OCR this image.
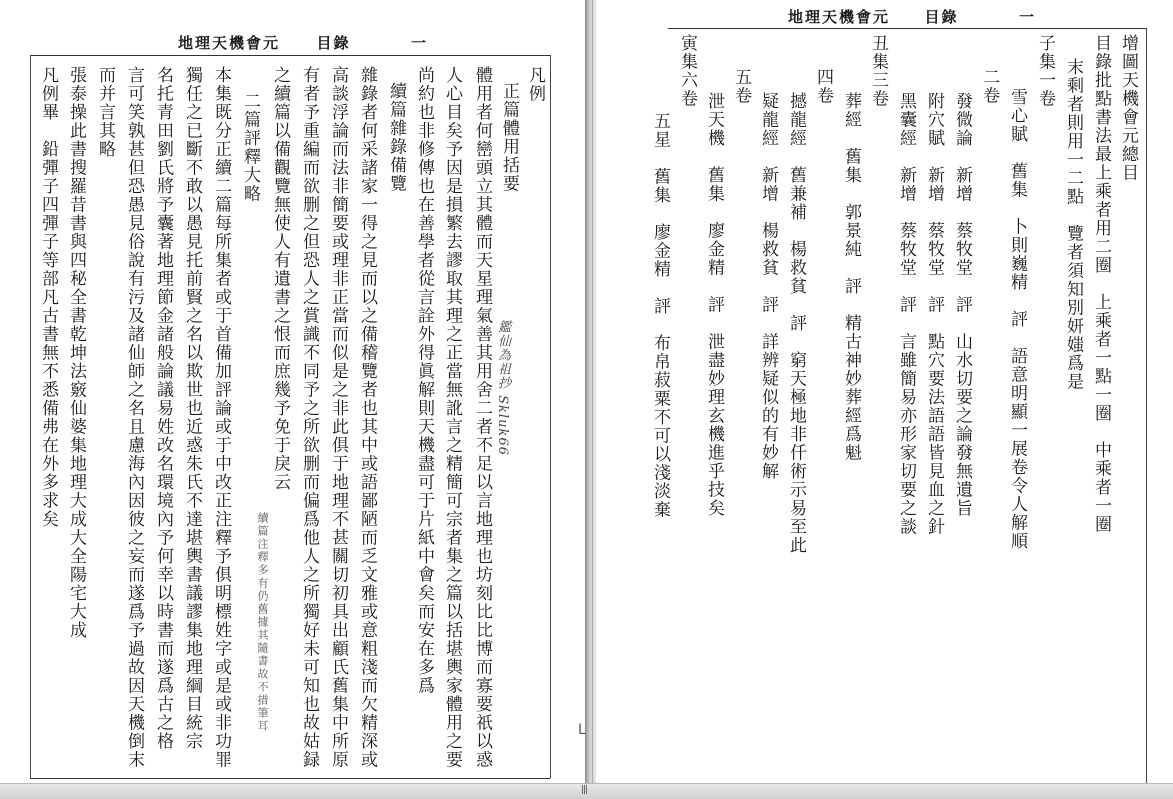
地理天機會元 目錄	一
凡例
正篇體用括要
體用者何巒頭立其體而天星理氣善其用舍二者不足以言地理也坊刻比比博而寡要祇以惑
人心目矣予因是損繁去謬取其理之正當無訛言之精簡可宗者集之篇以括堪輿家體用之要
尚約也非修傳也在善學者從言詮外得眞解則天機盡可于片紙中會矣而安在多爲
續篇雜錄備覽
雜錄者何采諸家一得之見而以之備稽覽者也其中或語鄙陋而乏文雅或意粗淺而欠精深或
高談浮論而法非簡要或理非正當而似是之非此俱于地理不甚關切初具出顧氏舊集中所原
有者予重編而欲删之但恐人之賞識不同予之所欲删而偏爲他人之所獨好未可知也故姑録
之續篇以備觀覽無使人有遺書之恨而庶幾予免于戾云
續篇注釋多有仍舊據其隨書故不措筆耳
二篇評釋大略
本集既分正續二篇每所集者或于首備加評論或于中改正注釋予俱明標姓字或是或非功罪
獨任之已斷不敢以愚見托前賢之名以欺世也近惑朱氏不達堪輿書議謬集地理綱目統宗
名托青田劉氏將予囊著地理節金諸般論議易姓改名環境內予何幸以時書而遂爲古之格
言可笑孰甚但恐愚見俗說有污及諸仙師之名且慮海內因彼之妄而遂爲予過故因天機倒末
而并言其略
張泰操此書搜羅昔書與四秘全書乾坤法竅仙婆集地理大成大全陽宅大成
凡例畢　鉛彈子四彈子等部凡古書無不悉備弗在外多求矣	鑑仙為祖抄 Skluk66
地理天機會元 目錄	一
增圖天機會元總目
目錄批點書法最上乘者用二圈　上乘者一點一圈　中乘者一圈
末剩者則用一二點　覽者須知別妍媸爲是
子集一卷
雪心賦　舊集　卜則巍精　評　語意明顯一展卷令人解順
二卷
發微論　新增　蔡牧堂　評　山水切要之論發無遺旨
附穴賦　新增　蔡牧堂　評　點穴要法語語皆見血之針
黑囊經　新增　蔡牧堂　評　言雖簡易亦形家切要之談
丑集三卷
葬經　舊集　郭景純　評　精古神妙葬經爲魁
四卷
撼龍經　舊兼補　楊救貧　評　窮天極地非仟術示易至此
疑龍經　新增　楊救貧　評　詳辨疑似的有妙解
五卷
泄天機　舊集　廖金精　評　泄盡妙理玄機進乎技矣
寅集六卷
五星　舊集　廖金精　評　布帛菽粟不可以淺淡棄
L
|||
